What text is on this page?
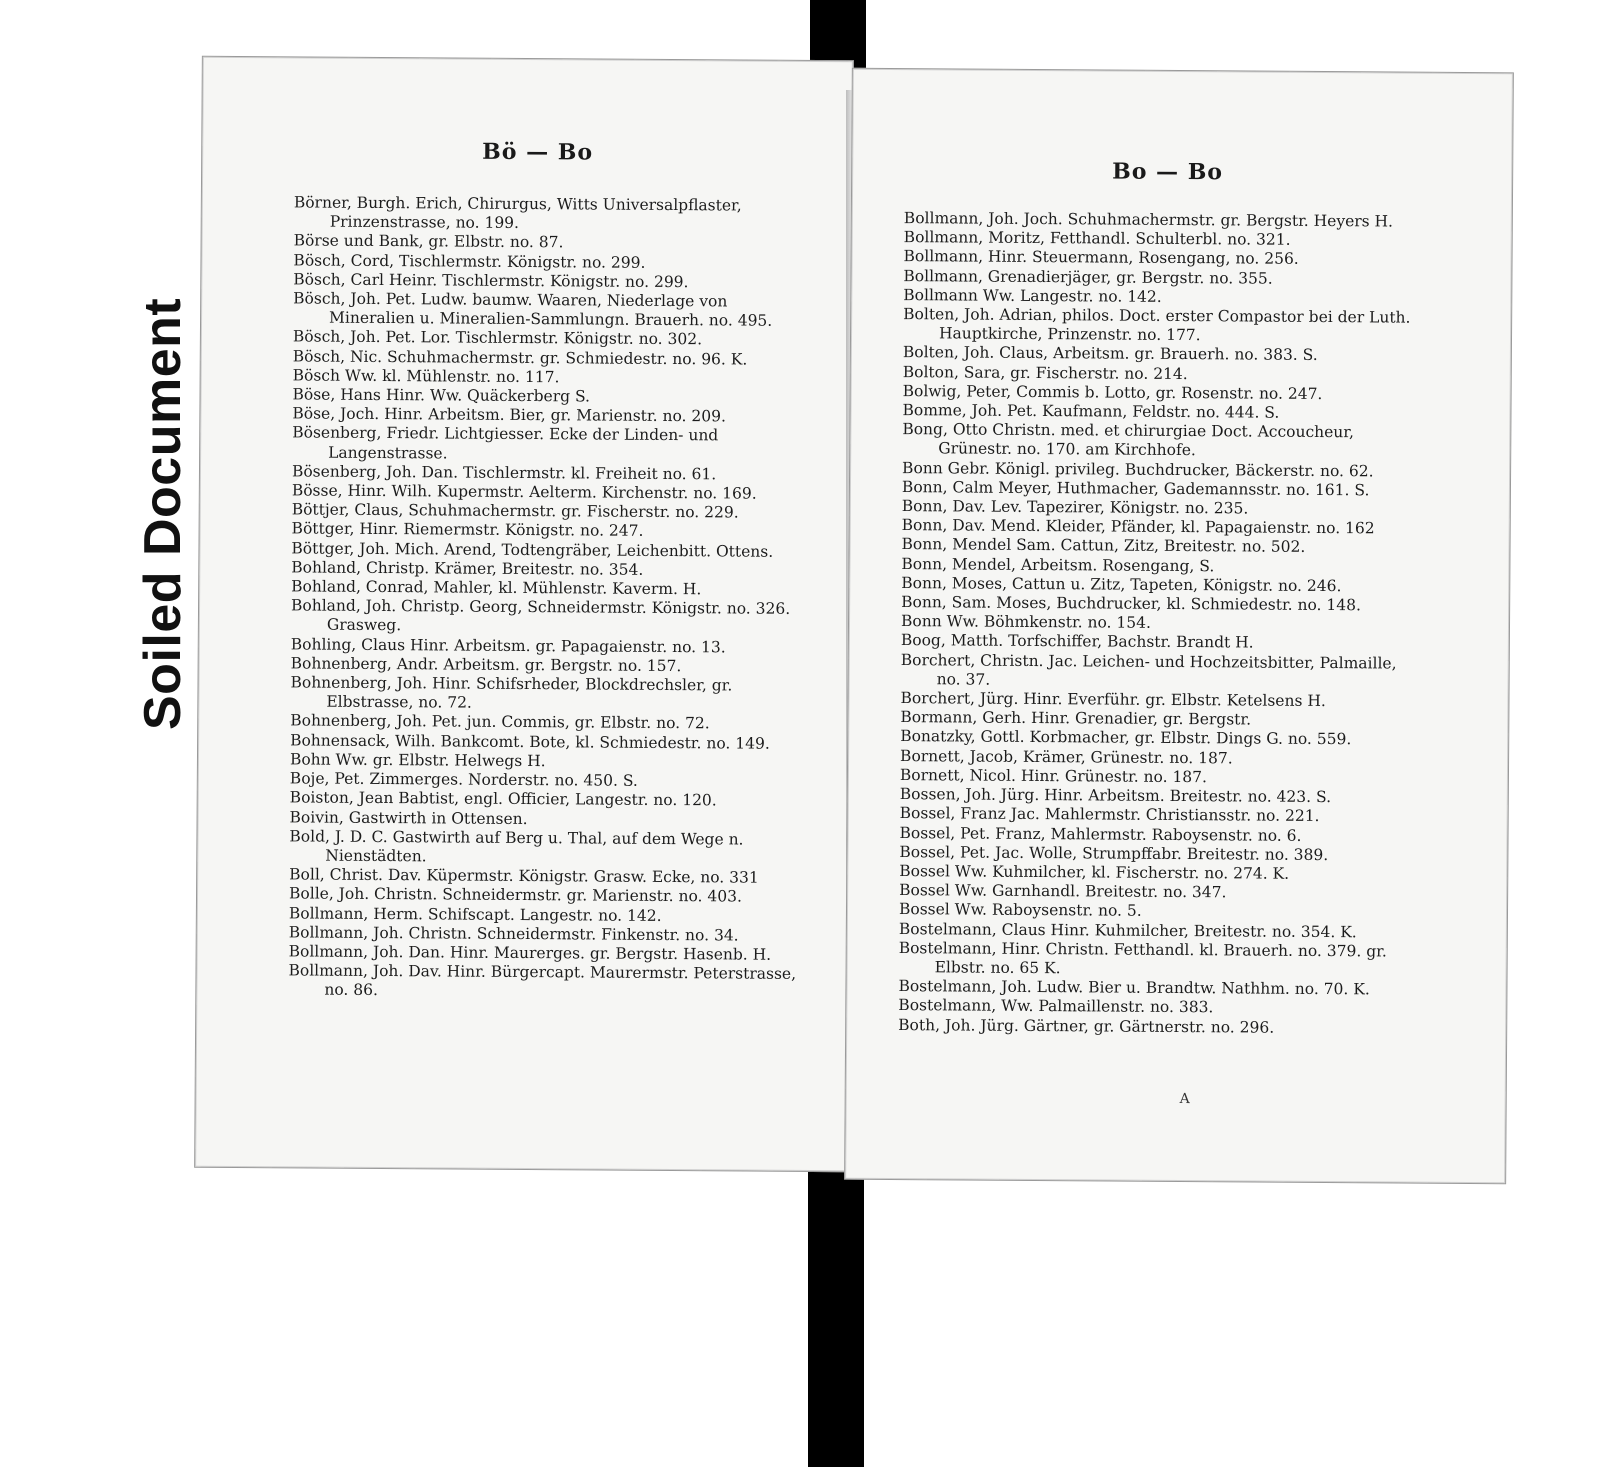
Soiled Document
Bö — Bo
Börner, Burgh. Erich, Chirurgus, Witts Universalpflaster, Prinzenstrasse, no. 199.
Börse und Bank, gr. Elbstr. no. 87.
Bösch, Cord, Tischlermstr. Königstr. no. 299.
Bösch, Carl Heinr. Tischlermstr. Königstr. no. 299.
Bösch, Joh. Pet. Ludw. baumw. Waaren, Niederlage von Mineralien u. Mineralien-Sammlungn. Brauerh. no. 495.
Bösch, Joh. Pet. Lor. Tischlermstr. Königstr. no. 302.
Bösch, Nic. Schuhmachermstr. gr. Schmiedestr. no. 96. K.
Bösch Ww. kl. Mühlenstr. no. 117.
Böse, Hans Hinr. Ww. Quäckerberg S.
Böse, Joch. Hinr. Arbeitsm. Bier, gr. Marienstr. no. 209.
Bösenberg, Friedr. Lichtgiesser. Ecke der Linden- und Langenstrasse.
Bösenberg, Joh. Dan. Tischlermstr. kl. Freiheit no. 61.
Bösse, Hinr. Wilh. Kupermstr. Aelterm. Kirchenstr. no. 169.
Böttjer, Claus, Schuhmachermstr. gr. Fischerstr. no. 229.
Böttger, Hinr. Riemermstr. Königstr. no. 247.
Böttger, Joh. Mich. Arend, Todtengräber, Leichenbitt. Ottens.
Bohland, Christp. Krämer, Breitestr. no. 354.
Bohland, Conrad, Mahler, kl. Mühlenstr. Kaverm. H.
Bohland, Joh. Christp. Georg, Schneidermstr. Königstr. no. 326. Grasweg.
Bohling, Claus Hinr. Arbeitsm. gr. Papagaienstr. no. 13.
Bohnenberg, Andr. Arbeitsm. gr. Bergstr. no. 157.
Bohnenberg, Joh. Hinr. Schifsrheder, Blockdrechsler, gr. Elbstrasse, no. 72.
Bohnenberg, Joh. Pet. jun. Commis, gr. Elbstr. no. 72.
Bohnensack, Wilh. Bankcomt. Bote, kl. Schmiedestr. no. 149.
Bohn Ww. gr. Elbstr. Helwegs H.
Boje, Pet. Zimmerges. Norderstr. no. 450. S.
Boiston, Jean Babtist, engl. Officier, Langestr. no. 120.
Boivin, Gastwirth in Ottensen.
Bold, J. D. C. Gastwirth auf Berg u. Thal, auf dem Wege n. Nienstädten.
Boll, Christ. Dav. Küpermstr. Königstr. Grasw. Ecke, no. 331
Bolle, Joh. Christn. Schneidermstr. gr. Marienstr. no. 403.
Bollmann, Herm. Schifscapt. Langestr. no. 142.
Bollmann, Joh. Christn. Schneidermstr. Finkenstr. no. 34.
Bollmann, Joh. Dan. Hinr. Maurerges. gr. Bergstr. Hasenb. H.
Bollmann, Joh. Dav. Hinr. Bürgercapt. Maurermstr. Peterstrasse, no. 86.
Bo — Bo
Bollmann, Joh. Joch. Schuhmachermstr. gr. Bergstr. Heyers H.
Bollmann, Moritz, Fetthandl. Schulterbl. no. 321.
Bollmann, Hinr. Steuermann, Rosengang, no. 256.
Bollmann, Grenadierjäger, gr. Bergstr. no. 355.
Bollmann Ww. Langestr. no. 142.
Bolten, Joh. Adrian, philos. Doct. erster Compastor bei der Luth. Hauptkirche, Prinzenstr. no. 177.
Bolten, Joh. Claus, Arbeitsm. gr. Brauerh. no. 383. S.
Bolton, Sara, gr. Fischerstr. no. 214.
Bolwig, Peter, Commis b. Lotto, gr. Rosenstr. no. 247.
Bomme, Joh. Pet. Kaufmann, Feldstr. no. 444. S.
Bong, Otto Christn. med. et chirurgiae Doct. Accoucheur, Grünestr. no. 170. am Kirchhofe.
Bonn Gebr. Königl. privileg. Buchdrucker, Bäckerstr. no. 62.
Bonn, Calm Meyer, Huthmacher, Gademannsstr. no. 161. S.
Bonn, Dav. Lev. Tapezirer, Königstr. no. 235.
Bonn, Dav. Mend. Kleider, Pfänder, kl. Papagaienstr. no. 162
Bonn, Mendel Sam. Cattun, Zitz, Breitestr. no. 502.
Bonn, Mendel, Arbeitsm. Rosengang, S.
Bonn, Moses, Cattun u. Zitz, Tapeten, Königstr. no. 246.
Bonn, Sam. Moses, Buchdrucker, kl. Schmiedestr. no. 148.
Bonn Ww. Böhmkenstr. no. 154.
Boog, Matth. Torfschiffer, Bachstr. Brandt H.
Borchert, Christn. Jac. Leichen- und Hochzeitsbitter, Palmaille, no. 37.
Borchert, Jürg. Hinr. Everführ. gr. Elbstr. Ketelsens H.
Bormann, Gerh. Hinr. Grenadier, gr. Bergstr.
Bonatzky, Gottl. Korbmacher, gr. Elbstr. Dings G. no. 559.
Bornett, Jacob, Krämer, Grünestr. no. 187.
Bornett, Nicol. Hinr. Grünestr. no. 187.
Bossen, Joh. Jürg. Hinr. Arbeitsm. Breitestr. no. 423. S.
Bossel, Franz Jac. Mahlermstr. Christiansstr. no. 221.
Bossel, Pet. Franz, Mahlermstr. Raboysenstr. no. 6.
Bossel, Pet. Jac. Wolle, Strumpffabr. Breitestr. no. 389.
Bossel Ww. Kuhmilcher, kl. Fischerstr. no. 274. K.
Bossel Ww. Garnhandl. Breitestr. no. 347.
Bossel Ww. Raboysenstr. no. 5.
Bostelmann, Claus Hinr. Kuhmilcher, Breitestr. no. 354. K.
Bostelmann, Hinr. Christn. Fetthandl. kl. Brauerh. no. 379. gr. Elbstr. no. 65 K.
Bostelmann, Joh. Ludw. Bier u. Brandtw. Nathhm. no. 70. K.
Bostelmann, Ww. Palmaillenstr. no. 383.
Both, Joh. Jürg. Gärtner, gr. Gärtnerstr. no. 296.
A
